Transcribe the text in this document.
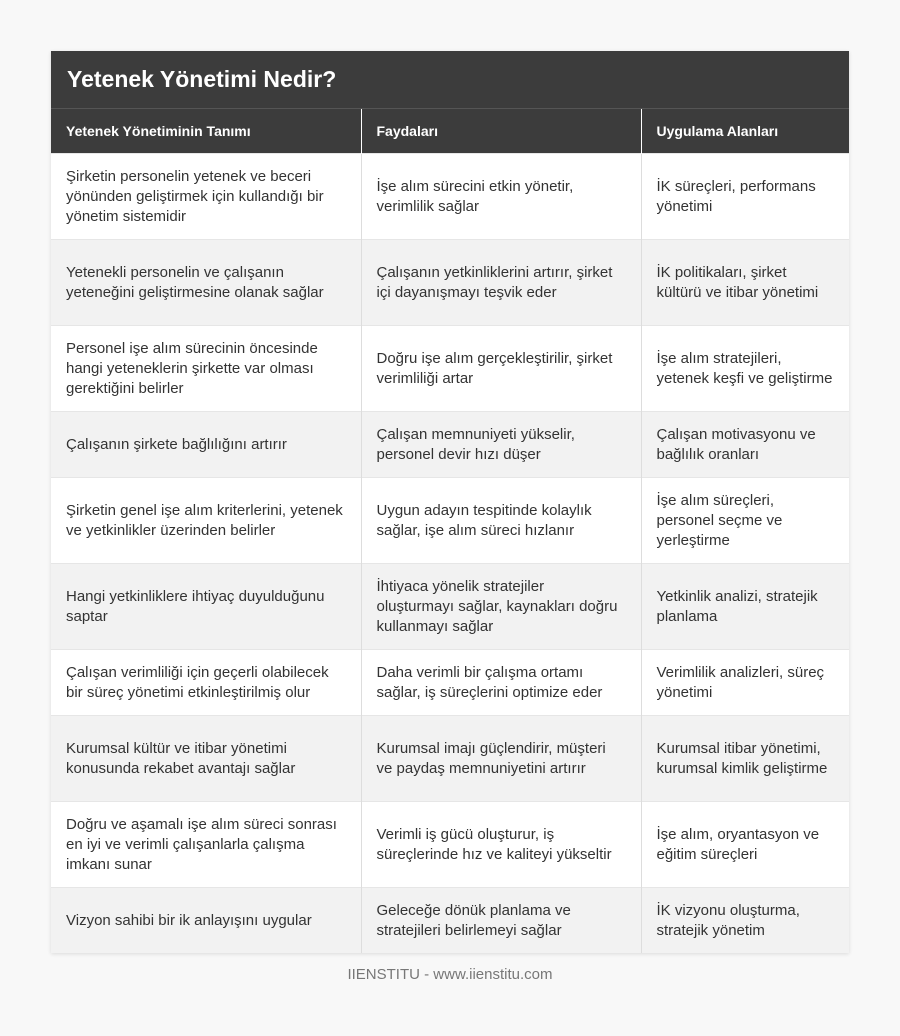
Yetenek Yönetimi Nedir?
Yetenek Yönetiminin Tanımı	Faydaları	Uygulama Alanları
Şirketin personelin yetenek ve beceri yönünden geliştirmek için kullandığı bir yönetim sistemidir	İşe alım sürecini etkin yönetir, verimlilik sağlar	İK süreçleri, performans yönetimi
Yetenekli personelin ve çalışanın yeteneğini geliştirmesine olanak sağlar	Çalışanın yetkinliklerini artırır, şirket içi dayanışmayı teşvik eder	İK politikaları, şirket kültürü ve itibar yönetimi
Personel işe alım sürecinin öncesinde hangi yeteneklerin şirkette var olması gerektiğini belirler	Doğru işe alım gerçekleştirilir, şirket verimliliği artar	İşe alım stratejileri, yetenek keşfi ve geliştirme
Çalışanın şirkete bağlılığını artırır	Çalışan memnuniyeti yükselir, personel devir hızı düşer	Çalışan motivasyonu ve bağlılık oranları
Şirketin genel işe alım kriterlerini, yetenek ve yetkinlikler üzerinden belirler	Uygun adayın tespitinde kolaylık sağlar, işe alım süreci hızlanır	İşe alım süreçleri, personel seçme ve yerleştirme
Hangi yetkinliklere ihtiyaç duyulduğunu saptar	İhtiyaca yönelik stratejiler oluşturmayı sağlar, kaynakları doğru kullanmayı sağlar	Yetkinlik analizi, stratejik planlama
Çalışan verimliliği için geçerli olabilecek bir süreç yönetimi etkinleştirilmiş olur	Daha verimli bir çalışma ortamı sağlar, iş süreçlerini optimize eder	Verimlilik analizleri, süreç yönetimi
Kurumsal kültür ve itibar yönetimi konusunda rekabet avantajı sağlar	Kurumsal imajı güçlendirir, müşteri ve paydaş memnuniyetini artırır	Kurumsal itibar yönetimi, kurumsal kimlik geliştirme
Doğru ve aşamalı işe alım süreci sonrası en iyi ve verimli çalışanlarla çalışma imkanı sunar	Verimli iş gücü oluşturur, iş süreçlerinde hız ve kaliteyi yükseltir	İşe alım, oryantasyon ve eğitim süreçleri
Vizyon sahibi bir ik anlayışını uygular	Geleceğe dönük planlama ve stratejileri belirlemeyi sağlar	İK vizyonu oluşturma, stratejik yönetim
IIENSTITU - www.iienstitu.com
